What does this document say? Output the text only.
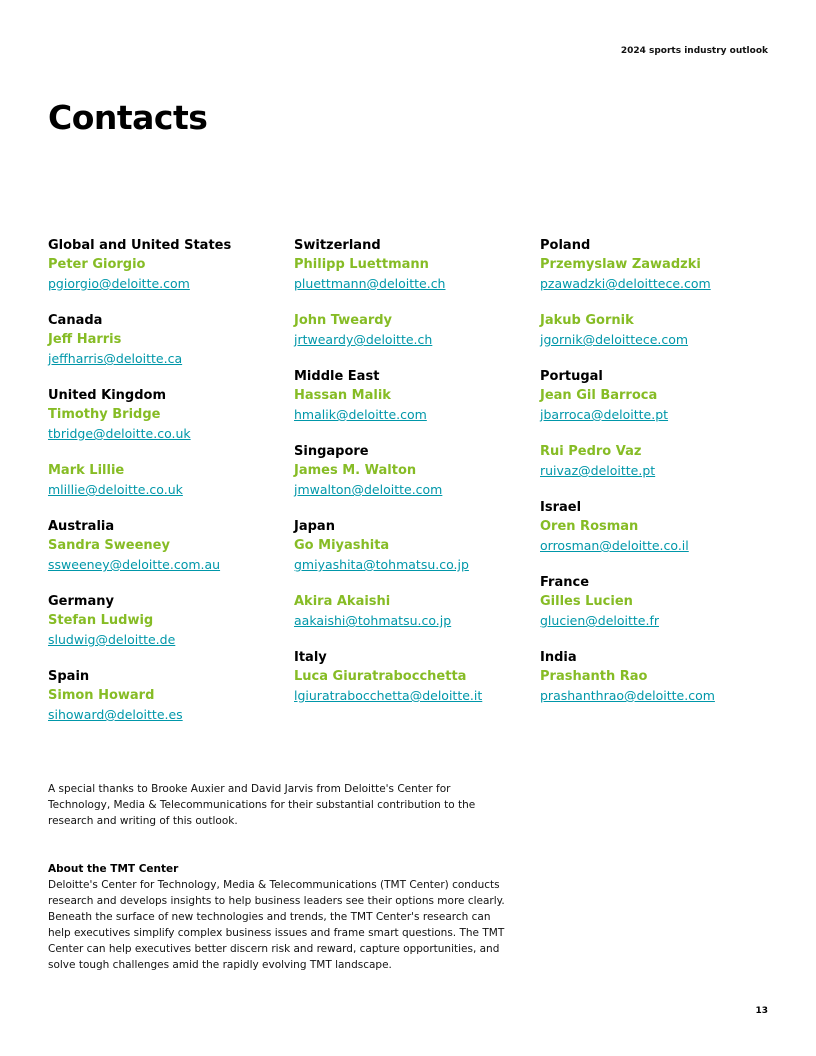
2024 sports industry outlook
Contacts
Global and United States
Peter Giorgio
pgiorgio@deloitte.com
Canada
Jeff Harris
jeffharris@deloitte.ca
United Kingdom
Timothy Bridge
tbridge@deloitte.co.uk
Mark Lillie
mlillie@deloitte.co.uk
Australia
Sandra Sweeney
ssweeney@deloitte.com.au
Germany
Stefan Ludwig
sludwig@deloitte.de
Spain
Simon Howard
sihoward@deloitte.es
Switzerland
Philipp Luettmann
pluettmann@deloitte.ch
John Tweardy
jrtweardy@deloitte.ch
Middle East
Hassan Malik
hmalik@deloitte.com
Singapore
James M. Walton
jmwalton@deloitte.com
Japan
Go Miyashita
gmiyashita@tohmatsu.co.jp
Akira Akaishi
aakaishi@tohmatsu.co.jp
Italy
Luca Giuratrabocchetta
lgiuratrabocchetta@deloitte.it
Poland
Przemyslaw Zawadzki
pzawadzki@deloittece.com
Jakub Gornik
jgornik@deloittece.com
Portugal
Jean Gil Barroca
jbarroca@deloitte.pt
Rui Pedro Vaz
ruivaz@deloitte.pt
Israel
Oren Rosman
orrosman@deloitte.co.il
France
Gilles Lucien
glucien@deloitte.fr
India
Prashanth Rao
prashanthrao@deloitte.com

A special thanks to Brooke Auxier and David Jarvis from Deloitte's Center for Technology, Media & Telecommunications for their substantial contribution to the research and writing of this outlook.

About the TMT Center

Deloitte's Center for Technology, Media & Telecommunications (TMT Center) conducts research and develops insights to help business leaders see their options more clearly. Beneath the surface of new technologies and trends, the TMT Center's research can help executives simplify complex business issues and frame smart questions. The TMT Center can help executives better discern risk and reward, capture opportunities, and solve tough challenges amid the rapidly evolving TMT landscape.

13
